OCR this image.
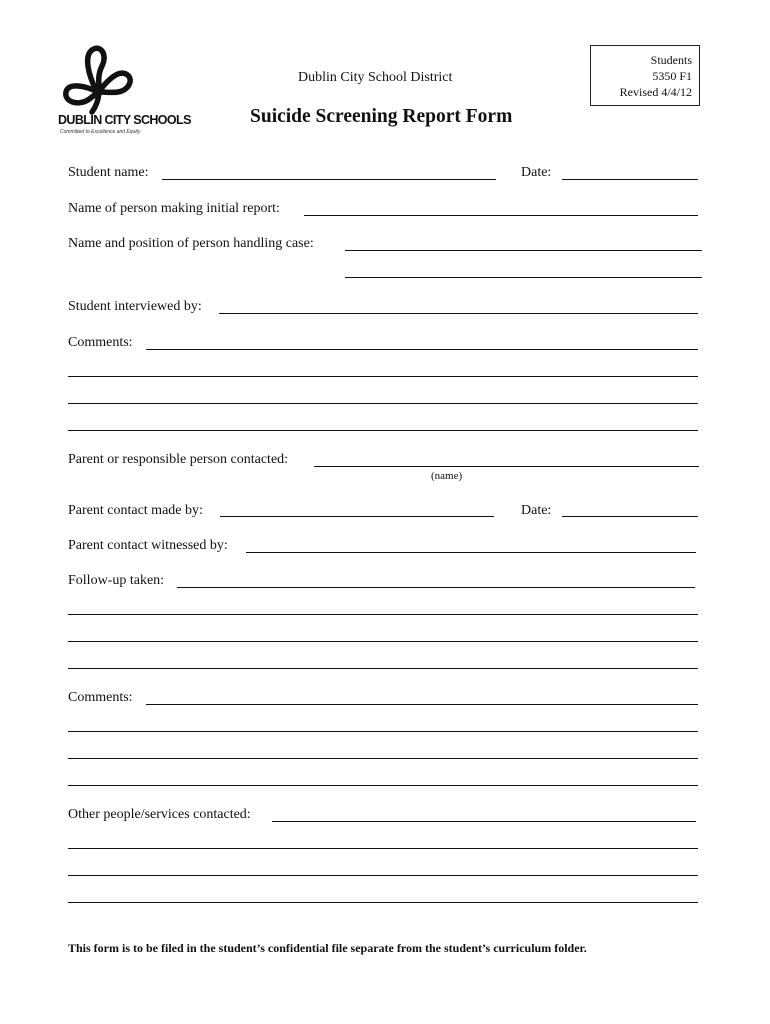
DUBLIN CITY SCHOOLS
Committed to Excellence and Equity
Dublin City School District
Suicide Screening Report Form
Students
5350 F1
Revised 4/4/12
Student name:	Date:
Name of person making initial report:
Name and position of person handling case:
Student interviewed by:
Comments:
Parent or responsible person contacted:
(name)
Parent contact made by:	Date:
Parent contact witnessed by:
Follow-up taken:
Comments:
Other people/services contacted:
This form is to be filed in the student’s confidential file separate from the student’s curriculum folder.
